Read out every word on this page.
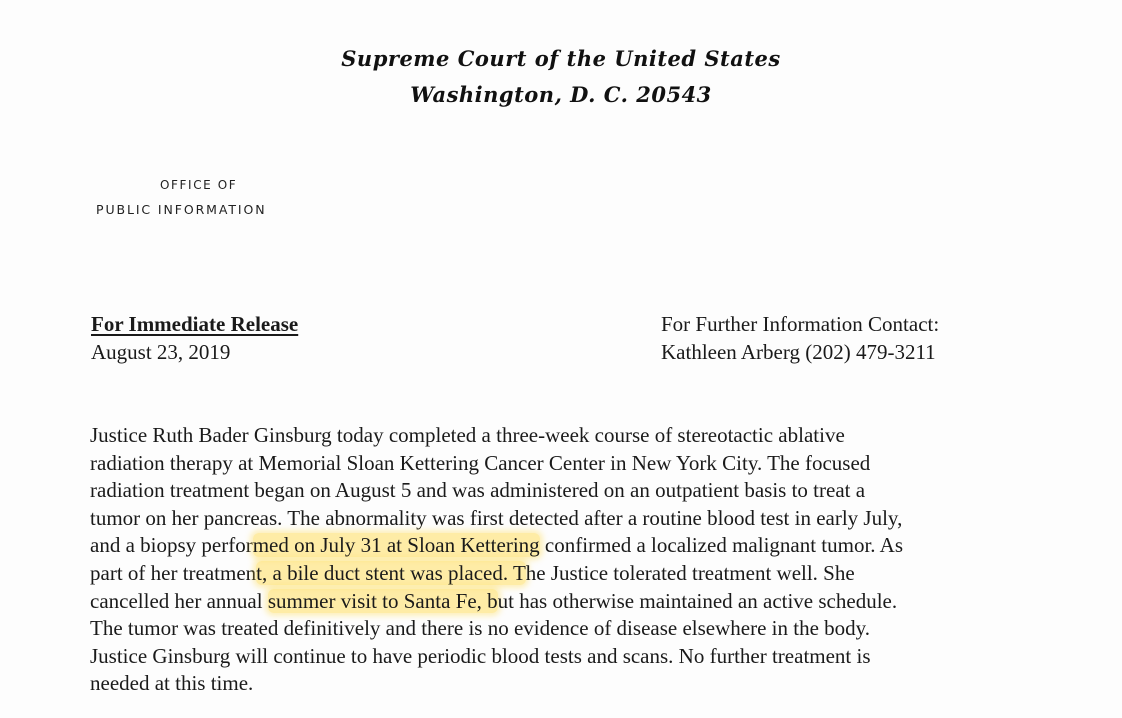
Supreme Court of the United States
Washington, D. C. 20543
OFFICE OF
PUBLIC INFORMATION
For Immediate Release
August 23, 2019
For Further Information Contact:
Kathleen Arberg (202) 479-3211
Justice Ruth Bader Ginsburg today completed a three-week course of stereotactic ablative
radiation therapy at Memorial Sloan Kettering Cancer Center in New York City. The focused
radiation treatment began on August 5 and was administered on an outpatient basis to treat a
tumor on her pancreas. The abnormality was first detected after a routine blood test in early July,
and a biopsy performed on July 31 at Sloan Kettering confirmed a localized malignant tumor. As
part of her treatment, a bile duct stent was placed. The Justice tolerated treatment well. She
cancelled her annual summer visit to Santa Fe, but has otherwise maintained an active schedule.
The tumor was treated definitively and there is no evidence of disease elsewhere in the body.
Justice Ginsburg will continue to have periodic blood tests and scans. No further treatment is
needed at this time.
